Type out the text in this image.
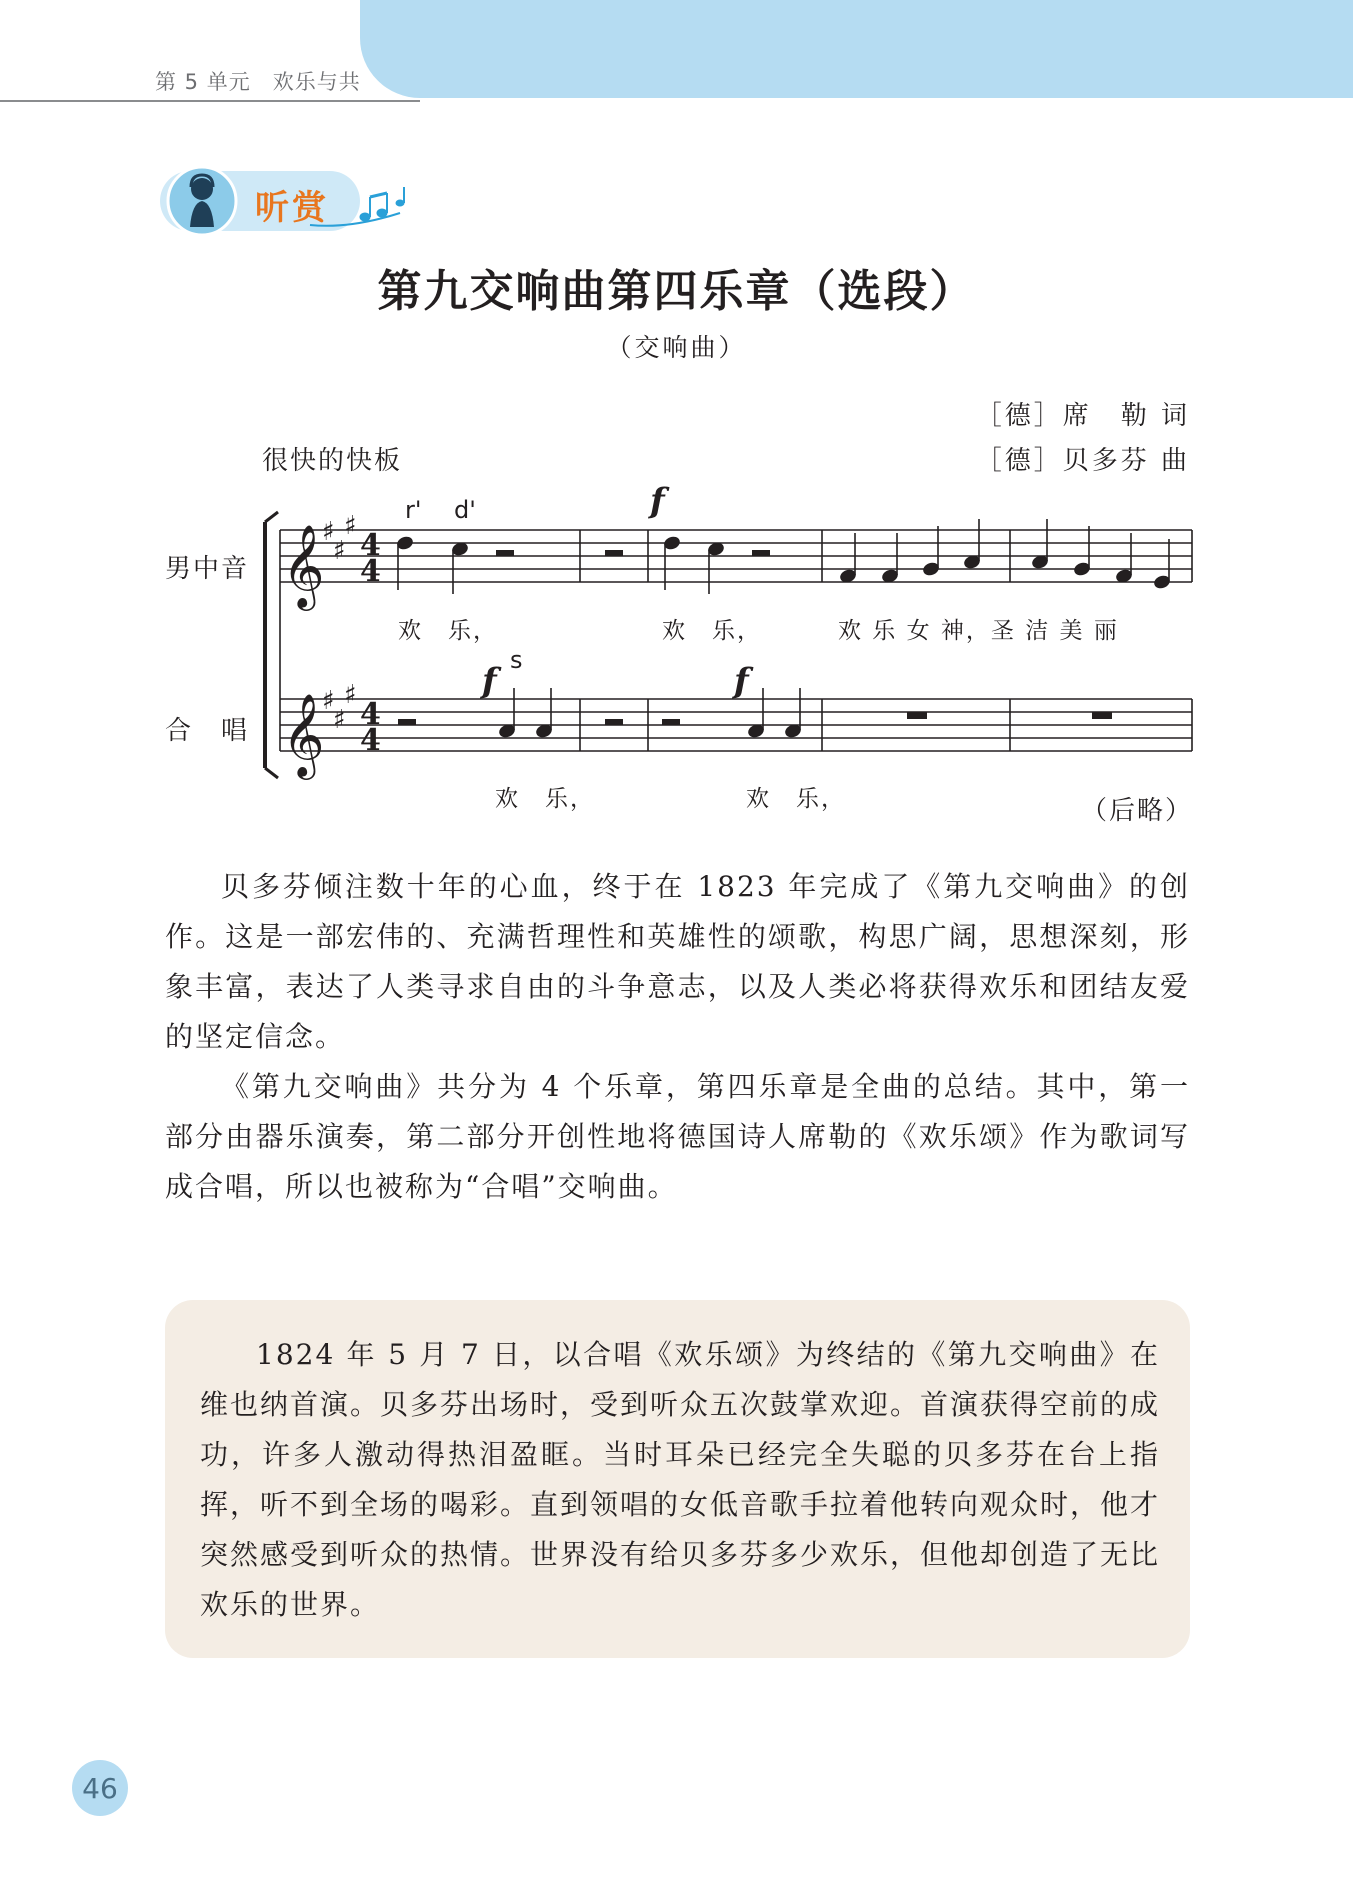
第 5 单元　欢乐与共
听赏
第九交响曲第四乐章（选段）
（交响曲）
［德］席　勒 词
［德］贝多芬 曲
很快的快板
男中音
合　唱
𝄞
𝄞
♯
♯
♯
♯
♯
♯
4
4
4
4
r' d'	f
f
s
f
欢　乐，	欢　乐，	欢 乐 女 神，圣 洁 美 丽
欢　乐，	欢　乐，	（后略）

贝多芬倾注数十年的心血，终于在 1823 年完成了《第九交响曲》的创作。这是一部宏伟的、充满哲理性和英雄性的颂歌，构思广阔，思想深刻，形象丰富，表达了人类寻求自由的斗争意志，以及人类必将获得欢乐和团结友爱的坚定信念。

《第九交响曲》共分为 4 个乐章，第四乐章是全曲的总结。其中，第一部分由器乐演奏，第二部分开创性地将德国诗人席勒的《欢乐颂》作为歌词写成合唱，所以也被称为“合唱”交响曲。

1824 年 5 月 7 日，以合唱《欢乐颂》为终结的《第九交响曲》在维也纳首演。贝多芬出场时，受到听众五次鼓掌欢迎。首演获得空前的成功，许多人激动得热泪盈眶。当时耳朵已经完全失聪的贝多芬在台上指挥，听不到全场的喝彩。直到领唱的女低音歌手拉着他转向观众时，他才突然感受到听众的热情。世界没有给贝多芬多少欢乐，但他却创造了无比欢乐的世界。

46
